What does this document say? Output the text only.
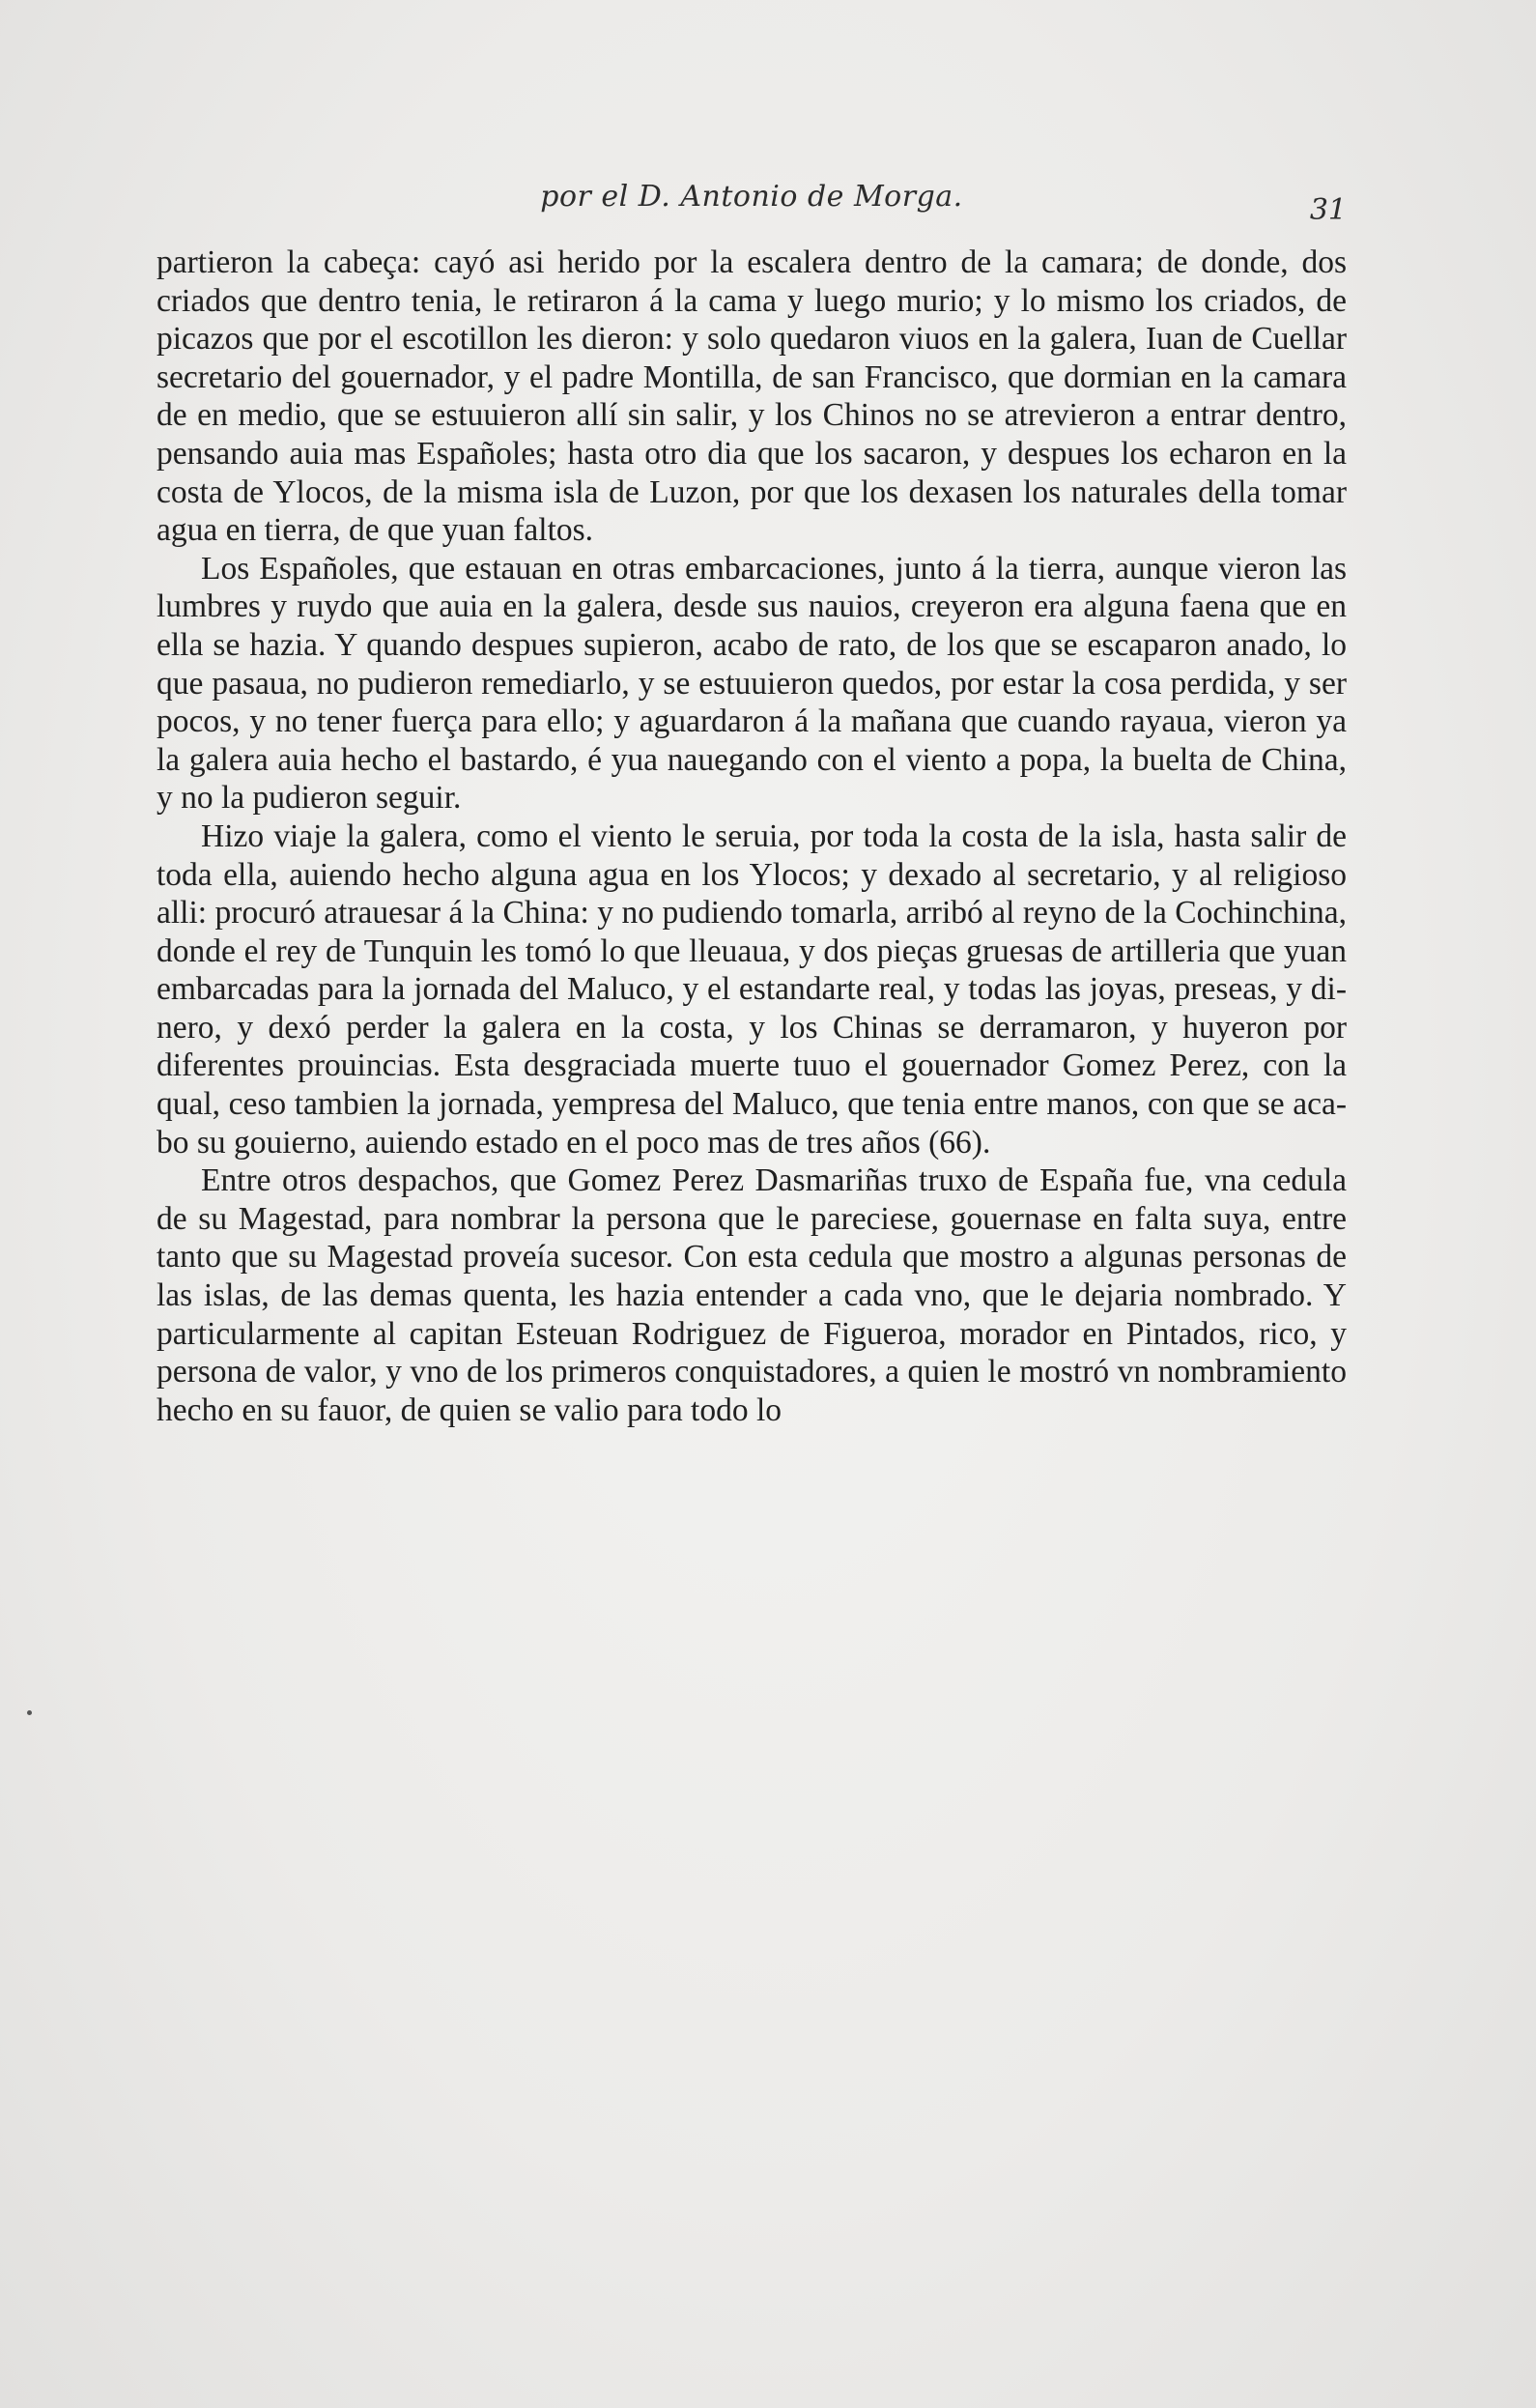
por el D. Antonio de Morga.	31

partieron la cabeça: cayó asi herido por la escalera dentro de la camara; de donde, dos criados que dentro tenia, le retiraron á la cama y luego murio; y lo mismo los criados, de picazos que por el escotillon les dieron: y solo quedaron viuos en la galera, Iuan de Cuellar secretario del gouernador, y el padre Montilla, de san Francisco, que dormian en la camara de en medio, que se estuuieron allí sin salir, y los Chinos no se atrevieron a entrar dentro, pensando auia mas Españoles; hasta otro dia que los sacaron, y despues los echaron en la costa de Ylocos, de la misma isla de Luzon, por que los dexasen los naturales della tomar agua en tierra, de que yuan faltos.

Los Españoles, que estauan en otras embarcaciones, junto á la tierra, aunque vieron las lumbres y ruydo que auia en la galera, desde sus nauios, creyeron era alguna faena que en ella se hazia. Y quando despues supieron, acabo de rato, de los que se escaparon anado, lo que pasaua, no pudieron remediarlo, y se estuuieron quedos, por estar la cosa perdida, y ser pocos, y no tener fuerça para ello; y aguardaron á la mañana que cuando rayaua, vieron ya la galera auia hecho el bastardo, é yua nauegando con el viento a popa, la buelta de China, y no la pudieron seguir.

Hizo viaje la galera, como el viento le seruia, por toda la costa de la isla, hasta salir de toda ella, auiendo hecho alguna agua en los Ylocos; y dexado al secretario, y al religioso alli: procuró atrauesar á la China: y no pudiendo tomarla, arribó al reyno de la Cochinchina, donde el rey de Tunquin les tomó lo que lleuaua, y dos pieças gruesas de artilleria que yuan embarcadas para la jornada del Maluco, y el estandarte real, y todas las joyas, preseas, y dinero, y dexó perder la galera en la costa, y los Chinas se derramaron, y huyeron por diferentes prouincias. Esta desgraciada muerte tuuo el gouernador Gomez Perez, con la qual, ceso tambien la jornada, yempresa del Maluco, que tenia entre manos, con que se acabo su gouierno, auiendo estado en el poco mas de tres años (66).

Entre otros despachos, que Gomez Perez Dasmariñas truxo de España fue, vna cedula de su Magestad, para nombrar la persona que le pareciese, gouernase en falta suya, entre tanto que su Magestad proveía sucesor. Con esta cedula que mostro a algunas personas de las islas, de las demas quenta, les hazia entender a cada vno, que le dejaria nombrado. Y particularmente al capitan Esteuan Rodriguez de Figueroa, morador en Pintados, rico, y persona de valor, y vno de los primeros conquistadores, a quien le mostró vn nombramiento hecho en su fauor, de quien se valio para todo lo
